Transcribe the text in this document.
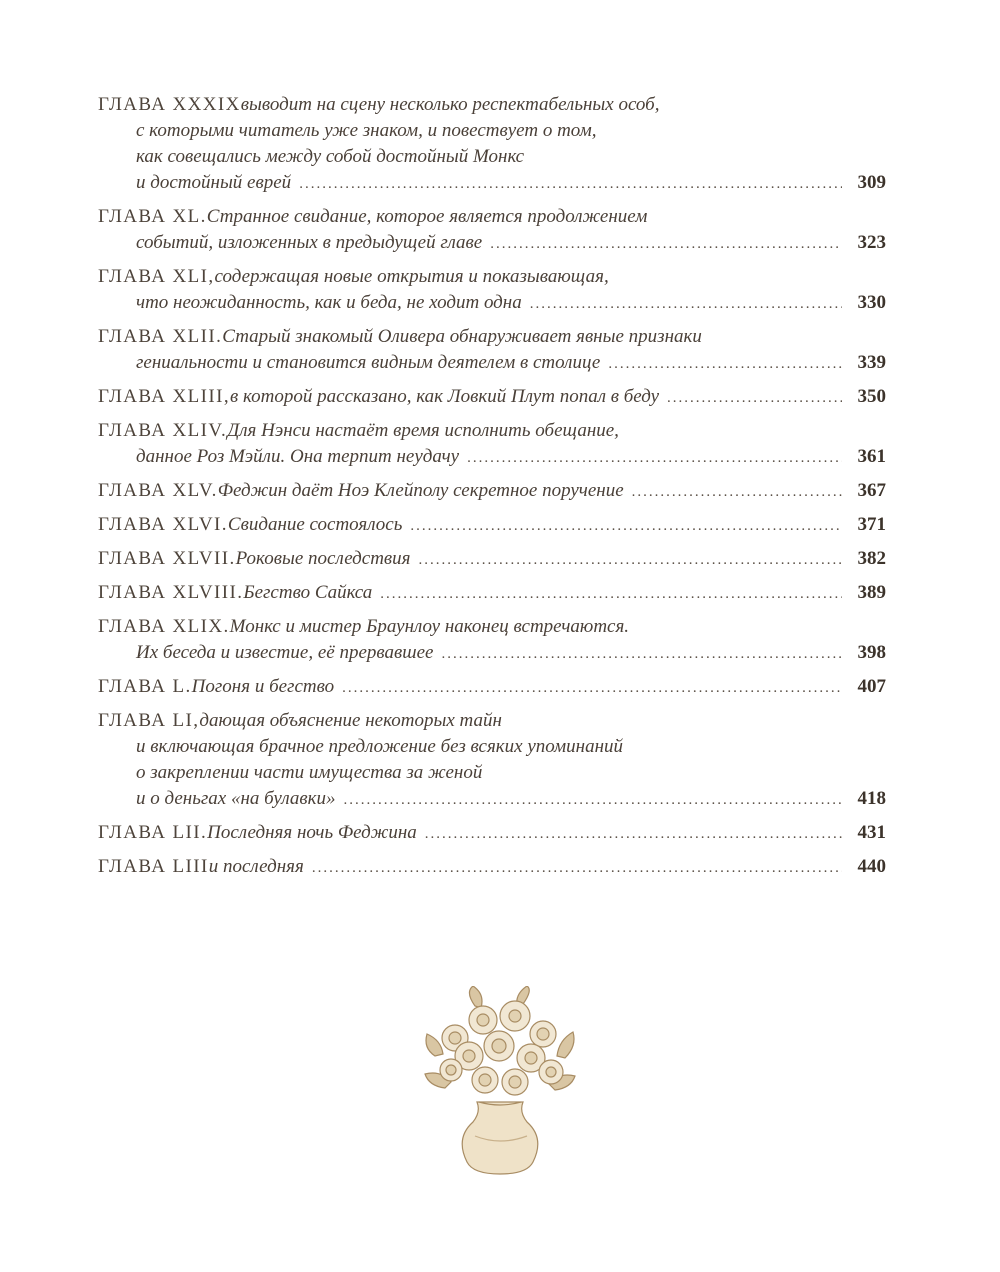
ГЛАВА XXXIX выводит на сцену несколько респектабельных особ,
с которыми читатель уже знаком, и повествует о том,
как совещались между собой достойный Монкс
и достойный еврей .....	309
ГЛАВА XL. Странное свидание, которое является продолжением
событий, изложенных в предыдущей главе .....	323
ГЛАВА XLI, содержащая новые открытия и показывающая,
что неожиданность, как и беда, не ходит одна .....	330
ГЛАВА XLII. Старый знакомый Оливера обнаруживает явные признаки
гениальности и становится видным деятелем в столице .....	339
ГЛАВА XLIII, в которой рассказано, как Ловкий Плут попал в беду .....	350
ГЛАВА XLIV. Для Нэнси настаёт время исполнить обещание,
данное Роз Мэйли. Она терпит неудачу .....	361
ГЛАВА XLV. Феджин даёт Ноэ Клейполу секретное поручение .....	367
ГЛАВА XLVI. Свидание состоялось .....	371
ГЛАВА XLVII. Роковые последствия .....	382
ГЛАВА XLVIII. Бегство Сайкса .....	389
ГЛАВА XLIX. Монкс и мистер Браунлоу наконец встречаются.
Их беседа и известие, её прервавшее .....	398
ГЛАВА L. Погоня и бегство .....	407
ГЛАВА LI, дающая объяснение некоторых тайн
и включающая брачное предложение без всяких упоминаний
о закреплении части имущества за женой
и о деньгах «на булавки» .....	418
ГЛАВА LII. Последняя ночь Феджина .....	431
ГЛАВА LIII и последняя .....	440
